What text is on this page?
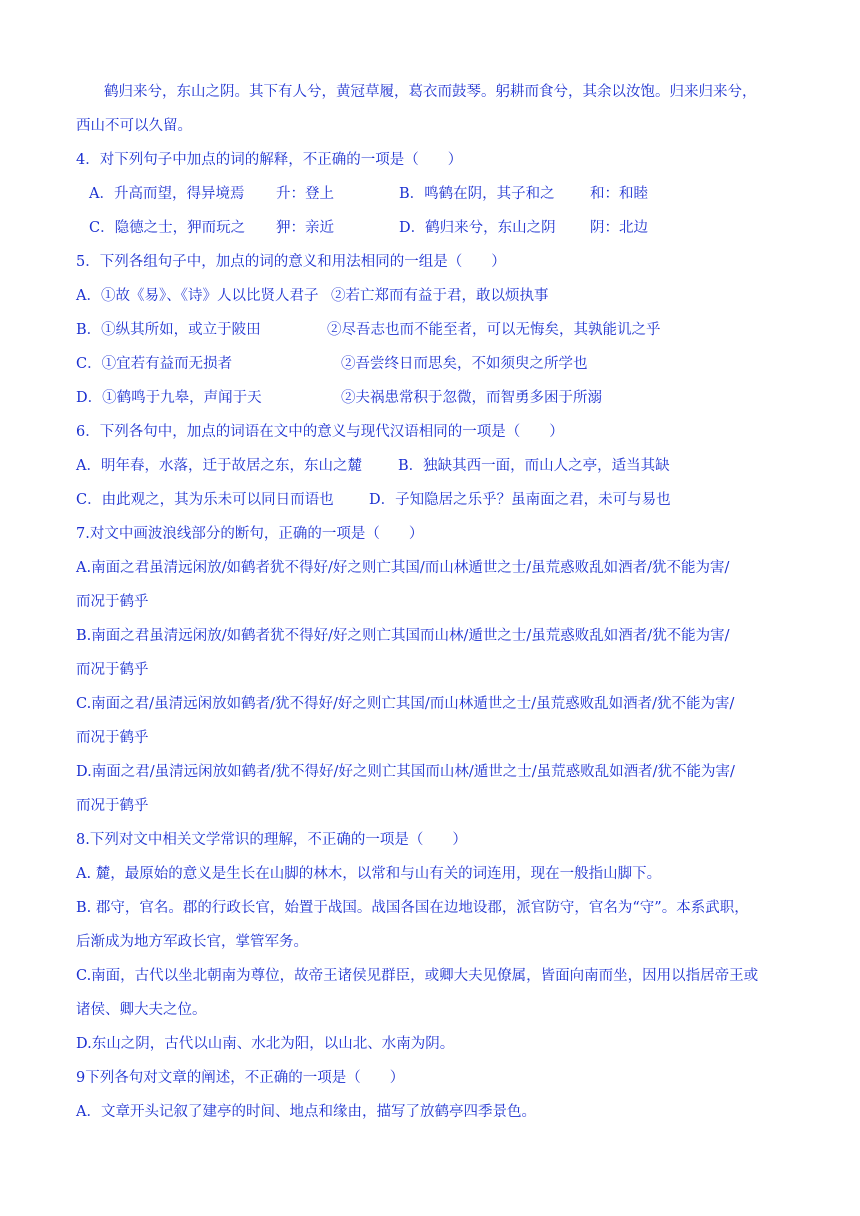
鹤归来兮，东山之阴。其下有人兮，黄冠草履，葛衣而鼓琴。躬耕而食兮，其余以汝饱。归来归来兮，
西山不可以久留。
4．对下列句子中加点的词的解释，不正确的一项是（　　）
A．升高而望，得异境焉 升：登上	B．鸣鹤在阴，其子和之 和：和睦
C．隐德之士，狎而玩之 狎：亲近	D．鹤归来兮，东山之阴 阴：北边
5．下列各组句子中，加点的词的意义和用法相同的一组是（　　）
A．①故《易》、《诗》人以比贤人君子 ②若亡郑而有益于君，敢以烦执事
B．①纵其所如，或立于陂田	②尽吾志也而不能至者，可以无悔矣，其孰能讥之乎
C．①宜若有益而无损者	②吾尝终日而思矣，不如须臾之所学也
D．①鹤鸣于九皋，声闻于天	②夫祸患常积于忽微，而智勇多困于所溺
6．下列各句中，加点的词语在文中的意义与现代汉语相同的一项是（　　）
A．明年春，水落，迁于故居之东，东山之麓 B．独缺其西一面，而山人之亭，适当其缺
C．由此观之，其为乐未可以同日而语也 D．子知隐居之乐乎？虽南面之君，未可与易也
7.对文中画波浪线部分的断句，正确的一项是（　　）
A.南面之君虽清远闲放/如鹤者犹不得好/好之则亡其国/而山林遁世之士/虽荒惑败乱如酒者/犹不能为害/
而况于鹤乎
B.南面之君虽清远闲放/如鹤者犹不得好/好之则亡其国而山林/遁世之士/虽荒惑败乱如酒者/犹不能为害/
而况于鹤乎
C.南面之君/虽清远闲放如鹤者/犹不得好/好之则亡其国/而山林遁世之士/虽荒惑败乱如酒者/犹不能为害/
而况于鹤乎
D.南面之君/虽清远闲放如鹤者/犹不得好/好之则亡其国而山林/遁世之士/虽荒惑败乱如酒者/犹不能为害/
而况于鹤乎
8.下列对文中相关文学常识的理解，不正确的一项是（　　）
A. 麓，最原始的意义是生长在山脚的林木，以常和与山有关的词连用，现在一般指山脚下。
B. 郡守，官名。郡的行政长官，始置于战国。战国各国在边地设郡，派官防守，官名为“守”。本系武职，
后渐成为地方军政长官，掌管军务。
C.南面，古代以坐北朝南为尊位，故帝王诸侯见群臣，或卿大夫见僚属，皆面向南而坐，因用以指居帝王或
诸侯、卿大夫之位。
D.东山之阴，古代以山南、水北为阳，以山北、水南为阴。
9下列各句对文章的阐述，不正确的一项是（　　）
A．文章开头记叙了建亭的时间、地点和缘由，描写了放鹤亭四季景色。
